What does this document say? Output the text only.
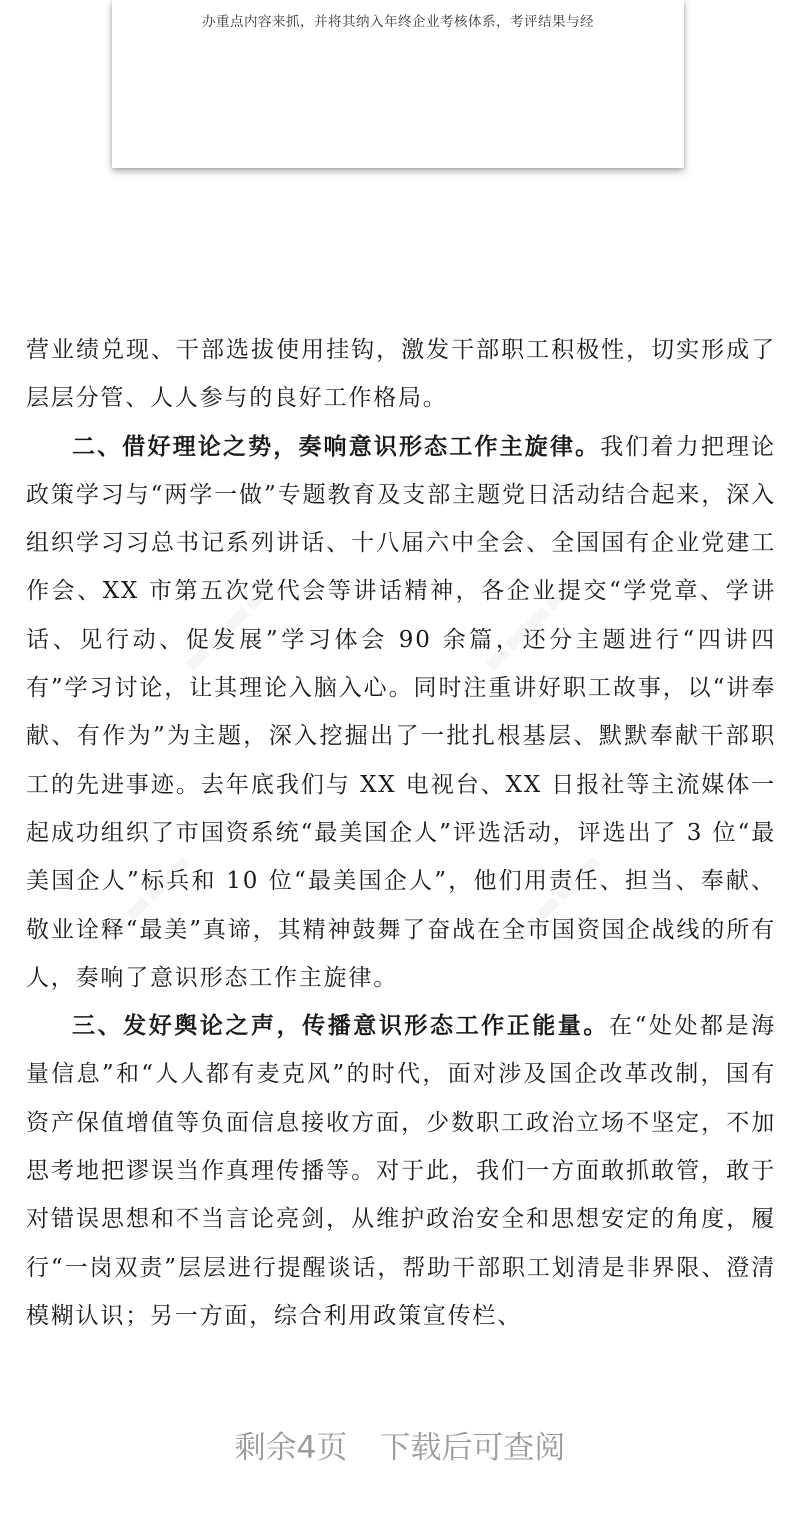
办重点内容来抓，并将其纳入年终企业考核体系，考评结果与经
▬▬▬▬	▬▬▬▬
▬▬▬▬	▬▬▬▬

营业绩兑现、干部选拔使用挂钩，激发干部职工积极性，切实形成了层层分管、人人参与的良好工作格局。

二、借好理论之势，奏响意识形态工作主旋律。我们着力把理论政策学习与“两学一做”专题教育及支部主题党日活动结合起来，深入组织学习习总书记系列讲话、十八届六中全会、全国国有企业党建工作会、XX 市第五次党代会等讲话精神，各企业提交“学党章、学讲话、见行动、促发展”学习体会 90 余篇，还分主题进行“四讲四有”学习讨论，让其理论入脑入心。同时注重讲好职工故事，以“讲奉献、有作为”为主题，深入挖掘出了一批扎根基层、默默奉献干部职工的先进事迹。去年底我们与 XX 电视台、XX 日报社等主流媒体一起成功组织了市国资系统“最美国企人”评选活动，评选出了 3 位“最美国企人”标兵和 10 位“最美国企人”，他们用责任、担当、奉献、敬业诠释“最美”真谛，其精神鼓舞了奋战在全市国资国企战线的所有人，奏响了意识形态工作主旋律。

三、发好舆论之声，传播意识形态工作正能量。在“处处都是海量信息”和“人人都有麦克风”的时代，面对涉及国企改革改制，国有资产保值增值等负面信息接收方面，少数职工政治立场不坚定，不加思考地把谬误当作真理传播等。对于此，我们一方面敢抓敢管，敢于对错误思想和不当言论亮剑，从维护政治安全和思想安定的角度，履行“一岗双责”层层进行提醒谈话，帮助干部职工划清是非界限、澄清模糊认识；另一方面，综合利用政策宣传栏、

剩余4页 下载后可查阅
